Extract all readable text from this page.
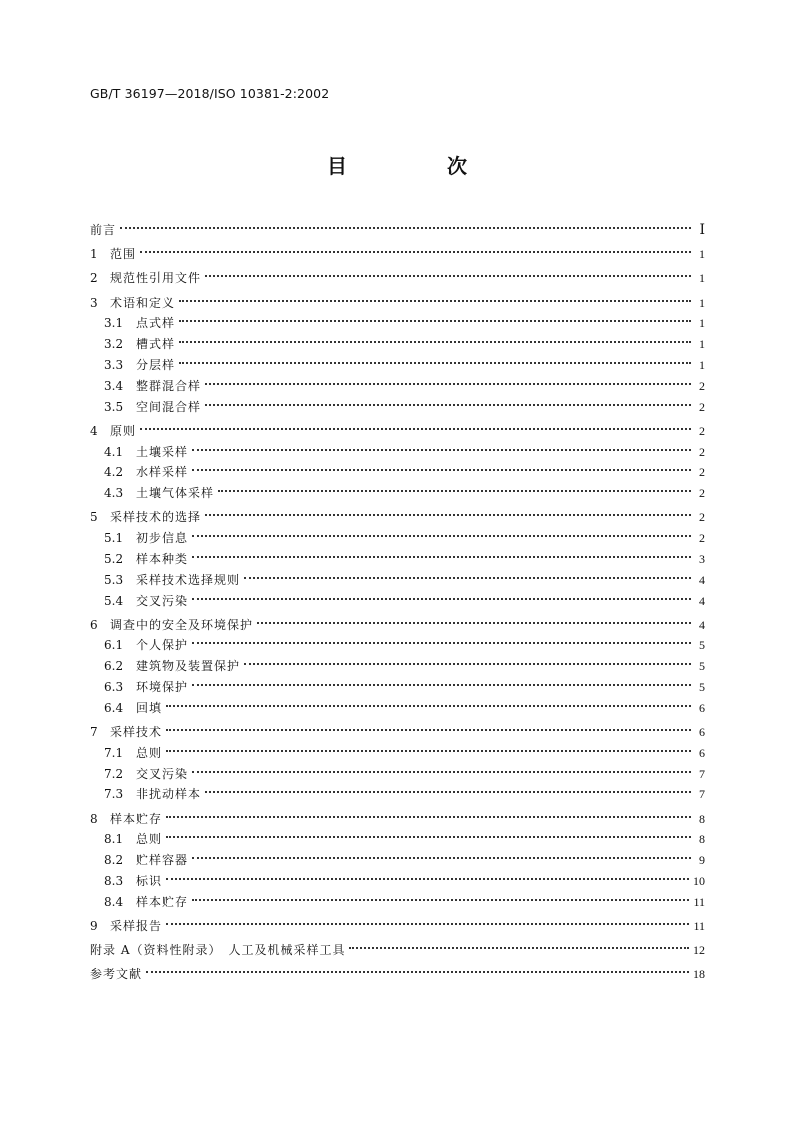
GB/T 36197—2018/ISO 10381-2:2002
目　次
前言	Ⅰ
1	范围	1
2	规范性引用文件	1
3	术语和定义	1
3.1	点式样	1
3.2	槽式样	1
3.3	分层样	1
3.4	整群混合样	2
3.5	空间混合样	2
4	原则	2
4.1	土壤采样	2
4.2	水样采样	2
4.3	土壤气体采样	2
5	采样技术的选择	2
5.1	初步信息	2
5.2	样本种类	3
5.3	采样技术选择规则	4
5.4	交叉污染	4
6	调查中的安全及环境保护	4
6.1	个人保护	5
6.2	建筑物及装置保护	5
6.3	环境保护	5
6.4	回填	6
7	采样技术	6
7.1	总则	6
7.2	交叉污染	7
7.3	非扰动样本	7
8	样本贮存	8
8.1	总则	8
8.2	贮样容器	9
8.3	标识	10
8.4	样本贮存	11
9	采样报告	11
附录 A（资料性附录）　人工及机械采样工具	12
参考文献	18
